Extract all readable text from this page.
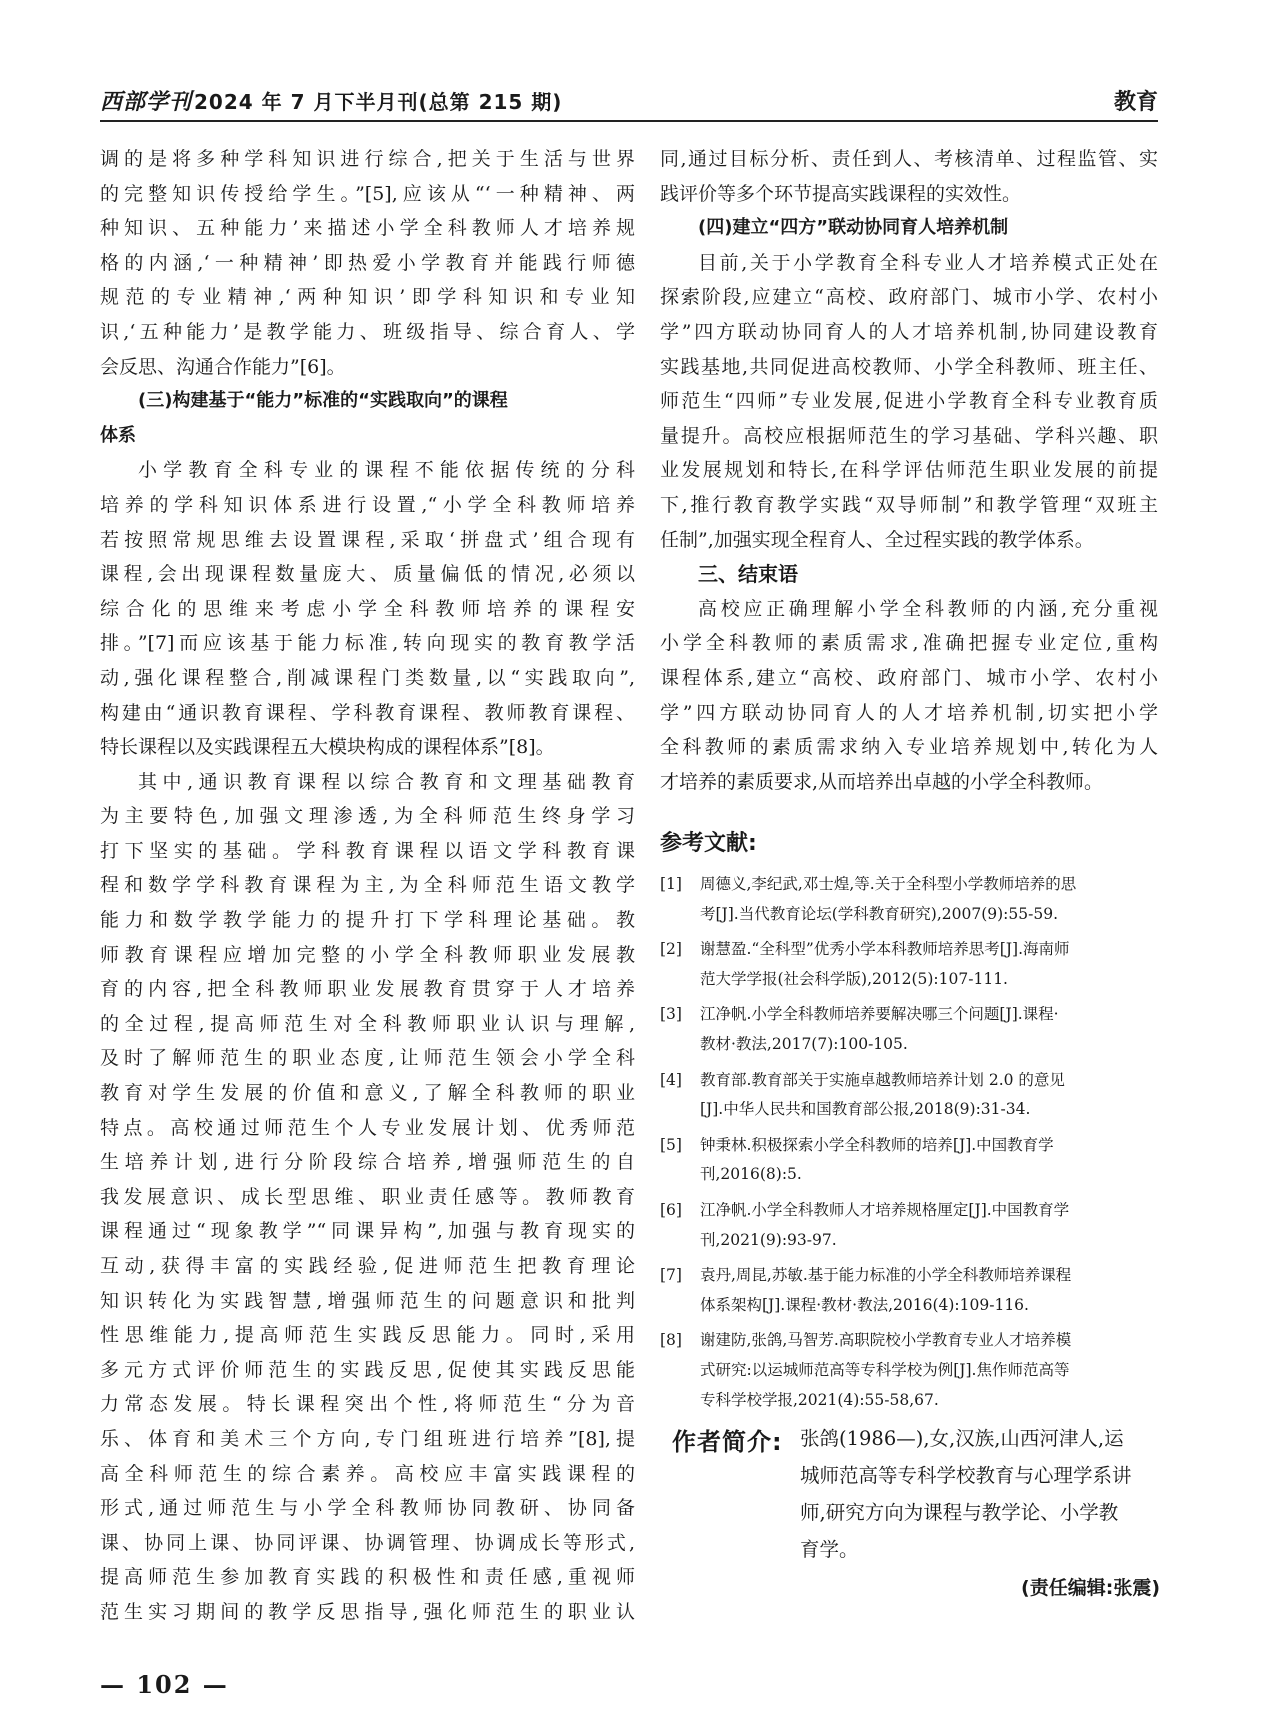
西部学刊 2024 年 7 月下半月刊(总第 215 期)	教育
调的是将多种学科知识进行综合,把关于生活与世界
的完整知识传授给学生。”[5],应该从“‘一种精神、两
种知识、五种能力’来描述小学全科教师人才培养规
格的内涵,‘一种精神’即热爱小学教育并能践行师德
规范的专业精神,‘两种知识’即学科知识和专业知
识,‘五种能力’是教学能力、班级指导、综合育人、学
会反思、沟通合作能力”[6]。
(三)构建基于“能力”标准的“实践取向”的课程
体系
小学教育全科专业的课程不能依据传统的分科
培养的学科知识体系进行设置,“小学全科教师培养
若按照常规思维去设置课程,采取‘拼盘式’组合现有
课程,会出现课程数量庞大、质量偏低的情况,必须以
综合化的思维来考虑小学全科教师培养的课程安
排。”[7]而应该基于能力标准,转向现实的教育教学活
动,强化课程整合,削减课程门类数量,以“实践取向”,
构建由“通识教育课程、学科教育课程、教师教育课程、
特长课程以及实践课程五大模块构成的课程体系”[8]。
其中,通识教育课程以综合教育和文理基础教育
为主要特色,加强文理渗透,为全科师范生终身学习
打下坚实的基础。学科教育课程以语文学科教育课
程和数学学科教育课程为主,为全科师范生语文教学
能力和数学教学能力的提升打下学科理论基础。教
师教育课程应增加完整的小学全科教师职业发展教
育的内容,把全科教师职业发展教育贯穿于人才培养
的全过程,提高师范生对全科教师职业认识与理解,
及时了解师范生的职业态度,让师范生领会小学全科
教育对学生发展的价值和意义,了解全科教师的职业
特点。高校通过师范生个人专业发展计划、优秀师范
生培养计划,进行分阶段综合培养,增强师范生的自
我发展意识、成长型思维、职业责任感等。教师教育
课程通过“现象教学”“同课异构”,加强与教育现实的
互动,获得丰富的实践经验,促进师范生把教育理论
知识转化为实践智慧,增强师范生的问题意识和批判
性思维能力,提高师范生实践反思能力。同时,采用
多元方式评价师范生的实践反思,促使其实践反思能
力常态发展。特长课程突出个性,将师范生“分为音
乐、体育和美术三个方向,专门组班进行培养”[8],提
高全科师范生的综合素养。高校应丰富实践课程的
形式,通过师范生与小学全科教师协同教研、协同备
课、协同上课、协同评课、协调管理、协调成长等形式,
提高师范生参加教育实践的积极性和责任感,重视师
范生实习期间的教学反思指导,强化师范生的职业认
同,通过目标分析、责任到人、考核清单、过程监管、实
践评价等多个环节提高实践课程的实效性。
(四)建立“四方”联动协同育人培养机制
目前,关于小学教育全科专业人才培养模式正处在
探索阶段,应建立“高校、政府部门、城市小学、农村小
学”四方联动协同育人的人才培养机制,协同建设教育
实践基地,共同促进高校教师、小学全科教师、班主任、
师范生“四师”专业发展,促进小学教育全科专业教育质
量提升。高校应根据师范生的学习基础、学科兴趣、职
业发展规划和特长,在科学评估师范生职业发展的前提
下,推行教育教学实践“双导师制”和教学管理“双班主
任制”,加强实现全程育人、全过程实践的教学体系。
三、结束语
高校应正确理解小学全科教师的内涵,充分重视
小学全科教师的素质需求,准确把握专业定位,重构
课程体系,建立“高校、政府部门、城市小学、农村小
学”四方联动协同育人的人才培养机制,切实把小学
全科教师的素质需求纳入专业培养规划中,转化为人
才培养的素质要求,从而培养出卓越的小学全科教师。
参考文献:
[1] 周德义,李纪武,邓士煌,等.关于全科型小学教师培养的思
考[J].当代教育论坛(学科教育研究),2007(9):55-59.
[2] 谢慧盈.“全科型”优秀小学本科教师培养思考[J].海南师
范大学学报(社会科学版),2012(5):107-111.
[3] 江净帆.小学全科教师培养要解决哪三个问题[J].课程·
教材·教法,2017(7):100-105.
[4] 教育部.教育部关于实施卓越教师培养计划 2.0 的意见
[J].中华人民共和国教育部公报,2018(9):31-34.
[5] 钟秉林.积极探索小学全科教师的培养[J].中国教育学
刊,2016(8):5.
[6] 江净帆.小学全科教师人才培养规格厘定[J].中国教育学
刊,2021(9):93-97.
[7] 袁丹,周昆,苏敏.基于能力标准的小学全科教师培养课程
体系架构[J].课程·教材·教法,2016(4):109-116.
[8] 谢建防,张鸽,马智芳.高职院校小学教育专业人才培养模
式研究:以运城师范高等专科学校为例[J].焦作师范高等
专科学校学报,2021(4):55-58,67.
作者简介: 张鸽(1986—),女,汉族,山西河津人,运
城师范高等专科学校教育与心理学系讲
师,研究方向为课程与教学论、小学教
育学。
(责任编辑:张震)
— 102 —
